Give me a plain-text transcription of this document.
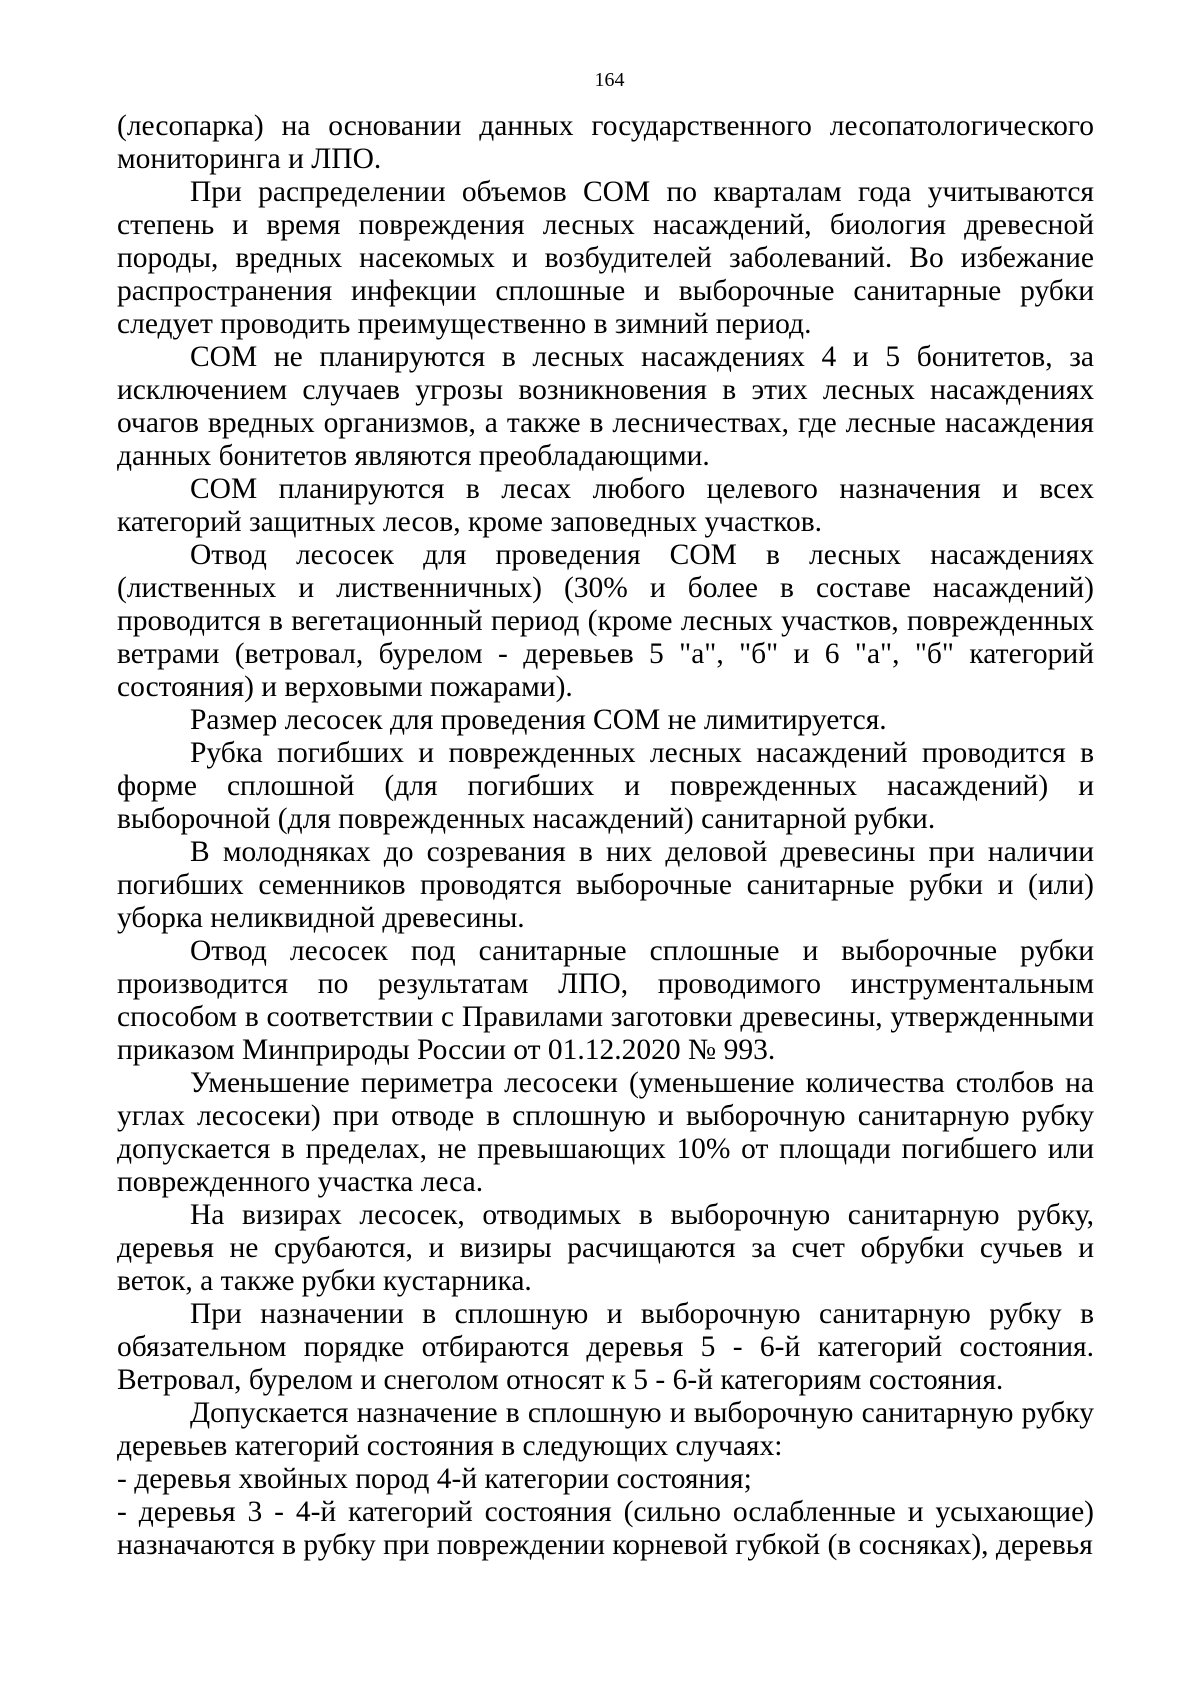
164

(лесопарка) на основании данных государственного лесопатологического мониторинга и ЛПО.

При распределении объемов СОМ по кварталам года учитываются степень и время повреждения лесных насаждений, биология древесной породы, вредных насекомых и возбудителей заболеваний. Во избежание распространения инфекции сплошные и выборочные санитарные рубки следует проводить преимущественно в зимний период.

СОМ не планируются в лесных насаждениях 4 и 5 бонитетов, за исключением случаев угрозы возникновения в этих лесных насаждениях очагов вредных организмов, а также в лесничествах, где лесные насаждения данных бонитетов являются преобладающими.

СОМ планируются в лесах любого целевого назначения и всех категорий защитных лесов, кроме заповедных участков.

Отвод лесосек для проведения СОМ в лесных насаждениях (лиственных и лиственничных) (30% и более в составе насаждений) проводится в вегетационный период (кроме лесных участков, поврежденных ветрами (ветровал, бурелом - деревьев 5 "а", "б" и 6 "а", "б" категорий состояния) и верховыми пожарами).

Размер лесосек для проведения СОМ не лимитируется.

Рубка погибших и поврежденных лесных насаждений проводится в форме сплошной (для погибших и поврежденных насаждений) и выборочной (для поврежденных насаждений) санитарной рубки.

В молодняках до созревания в них деловой древесины при наличии погибших семенников проводятся выборочные санитарные рубки и (или) уборка неликвидной древесины.

Отвод лесосек под санитарные сплошные и выборочные рубки производится по результатам ЛПО, проводимого инструментальным способом в соответствии с Правилами заготовки древесины, утвержденными приказом Минприроды России от 01.12.2020 № 993.

Уменьшение периметра лесосеки (уменьшение количества столбов на углах лесосеки) при отводе в сплошную и выборочную санитарную рубку допускается в пределах, не превышающих 10% от площади погибшего или поврежденного участка леса.

На визирах лесосек, отводимых в выборочную санитарную рубку, деревья не срубаются, и визиры расчищаются за счет обрубки сучьев и веток, а также рубки кустарника.

При назначении в сплошную и выборочную санитарную рубку в обязательном порядке отбираются деревья 5 - 6-й категорий состояния. Ветровал, бурелом и снеголом относят к 5 - 6-й категориям состояния.

Допускается назначение в сплошную и выборочную санитарную рубку деревьев категорий состояния в следующих случаях:

- деревья хвойных пород 4-й категории состояния;

- деревья 3 - 4-й категорий состояния (сильно ослабленные и усыхающие) назначаются в рубку при повреждении корневой губкой (в сосняках), деревья
